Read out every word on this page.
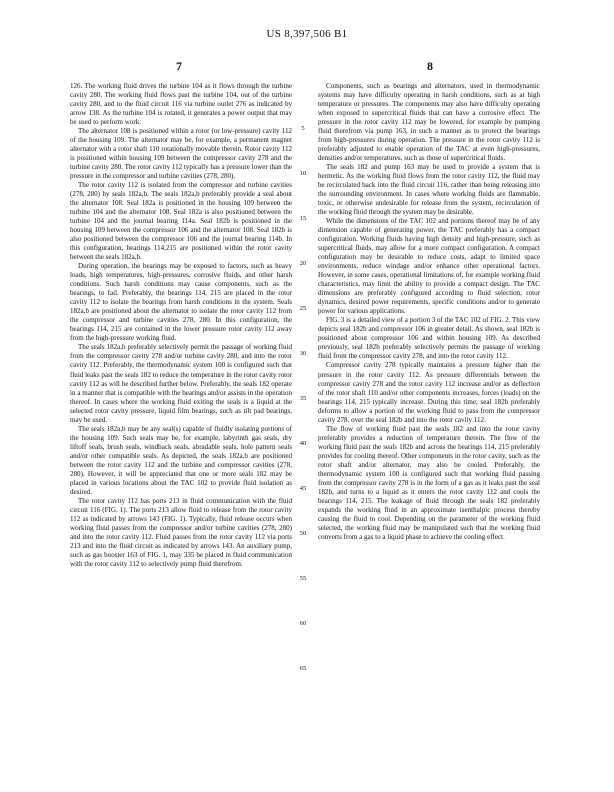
US 8,397,506 B1
7	8

126. The working fluid drives the turbine 104 as it flows through the turbine cavity 280. The working fluid flows past the turbine 104, out of the turbine cavity 280, and to the fluid circuit 116 via turbine outlet 276 as indicated by arrow 138. As the turbine 104 is rotated, it generates a power output that may be used to perform work.

The alternator 108 is positioned within a rotor (or low-pressure) cavity 112 of the housing 109. The alternator may be, for example, a permanent magnet alternator with a rotor shaft 110 rotationally movable therein. Rotor cavity 112 is positioned within housing 109 between the compressor cavity 278 and the turbine cavity 280. The rotor cavity 112 typically has a pressure lower than the pressure in the compressor and turbine cavities (278, 280).

The rotor cavity 112 is isolated from the compressor and turbine cavities (278, 280) by seals 182a,b. The seals 182a,b preferably provide a seal about the alternator 108. Seal 182a is positioned in the housing 109 between the turbine 104 and the alternator 108. Seal 182a is also positioned between the turbine 104 and the journal bearing 114a. Seal 182b is positioned in the housing 109 between the compressor 106 and the alternator 108. Seal 182b is also positioned between the compressor 106 and the journal bearing 114b. In this configuration, bearings 114,215 are positioned within the rotor cavity between the seals 182a,b.

During operation, the bearings may be exposed to factors, such as heavy loads, high temperatures, high-pressures, corrosive fluids, and other harsh conditions. Such harsh conditions may cause components, such as the bearings, to fail. Preferably, the bearings 114, 215 are placed in the rotor cavity 112 to isolate the bearings from harsh conditions in the system. Seals 182a,b are positioned about the alternator to isolate the rotor cavity 112 from the compressor and turbine cavities 278, 280. In this configuration, the bearings 114, 215 are contained in the lower pressure rotor cavity 112 away from the high-pressure working fluid.

The seals 182a,b preferably selectively permit the passage of working fluid from the compressor cavity 278 and/or turbine cavity 280, and into the rotor cavity 112. Preferably, the thermodynamic system 100 is configured such that fluid leaks past the seals 182 to reduce the temperature in the rotor cavity rotor cavity 112 as will be described further below. Preferably, the seals 182 operate in a manner that is compatible with the bearings and/or assists in the operation thereof. In cases where the working fluid exiting the seals is a liquid at the selected rotor cavity pressure, liquid film bearings, such as tilt pad bearings, may be used.

The seals 182a,b may be any seal(s) capable of fluidly isolating portions of the housing 109. Such seals may be, for example, labyrinth gas seals, dry liftoff seals, brush seals, windback seals, abradable seals, hole pattern seals and/or other compatible seals. As depicted, the seals 182a,b are positioned between the rotor cavity 112 and the turbine and compressor cavities (278, 280). However, it will be appreciated that one or more seals 182 may be placed in various locations about the TAC 102 to provide fluid isolation as desired.

The rotor cavity 112 has ports 213 in fluid communication with the fluid circuit 116 (FIG. 1). The ports 213 allow fluid to release from the rotor cavity 112 as indicated by arrows 143 (FIG. 1). Typically, fluid release occurs when working fluid passes from the compressor and/or turbine cavities (278, 280) and into the rotor cavity 112. Fluid passes from the rotor cavity 112 via ports 213 and into the fluid circuit as indicated by arrows 143. An auxiliary pump, such as gas booster 163 of FIG. 1, may 335 be placed in fluid communication with the rotor cavity 112 to selectively pump fluid therefrom.

Components, such as bearings and alternators, used in thermodynamic systems may have difficulty operating in harsh conditions, such as at high temperature or pressures. The components may also have difficulty operating when exposed to supercritical fluids that can have a corrosive effect. The pressure in the rotor cavity 112 may be lowered, for example by pumping fluid therefrom via pump 163, in such a manner as to protect the bearings from high-pressures during operation. The pressure in the rotor cavity 112 is preferably adjusted to enable operation of the TAC at even high-pressures, densities and/or temperatures, such as those of supercritical fluids.

The seals 182 and pump 163 may be used to provide a system that is hermetic. As the working fluid flows from the rotor cavity 112, the fluid may be recirculated back into the fluid circuit 116, rather than being releasing into the surrounding environment. In cases where working fluids are flammable, toxic, or otherwise undesirable for release from the system, recirculation of the working fluid through the system may be desirable.

While the dimensions of the TAC 102 and portions thereof may be of any dimension capable of generating power, the TAC preferably has a compact configuration. Working fluids having high density and high-pressure, such as supercritical fluids, may allow for a more compact configuration. A compact configuration may be desirable to reduce costs, adapt to limited space environments, reduce windage and/or enhance other operational factors. However, in some cases, operational limitations of, for example working fluid characteristics, may limit the ability to provide a compact design. The TAC dimensions are preferably configured according to fluid selection, rotor dynamics, desired power requirements, specific conditions and/or to generate power for various applications.

FIG. 3 is a detailed view of a portion 3 of the TAC 102 of FIG. 2. This view depicts seal 182b and compressor 106 in greater detail. As shown, seal 182b is positioned about compressor 106 and within housing 109. As described previously, seal 182b preferably selectively permits the passage of working fluid from the compressor cavity 278, and into the rotor cavity 112.

Compressor cavity 278 typically maintains a pressure higher than the pressure in the rotor cavity 112. As pressure differentials between the compressor cavity 278 and the rotor cavity 112 increase and/or as deflection of the rotor shaft 110 and/or other components increases, forces (loads) on the bearings 114, 215 typically increase. During this time, seal 182b preferably deforms to allow a portion of the working fluid to pass from the compressor cavity 278, over the seal 182b and into the rotor cavity 112.

The flow of working fluid past the seals 182 and into the rotor cavity preferably provides a reduction of temperature therein. The flow of the working fluid past the seals 182b and across the bearings 114, 215 preferably provides for cooling thereof. Other components in the rotor cavity, such as the rotor shaft and/or alternator, may also be cooled. Preferably, the thermodynamic system 100 is configured such that working fluid passing from the compressor cavity 278 is in the form of a gas as it leaks past the seal 182b, and turns to a liquid as it enters the rotor cavity 112 and cools the bearings 114, 215. The leakage of fluid through the seals 182 preferably expands the working fluid in an approximate isenthalpic process thereby causing the fluid to cool. Depending on the parameter of the working fluid selected, the working fluid may be manipulated such that the working fluid converts from a gas to a liquid phase to achieve the cooling effect.

5
10
15
20
25
30
35
40
45
50
55
60
65
